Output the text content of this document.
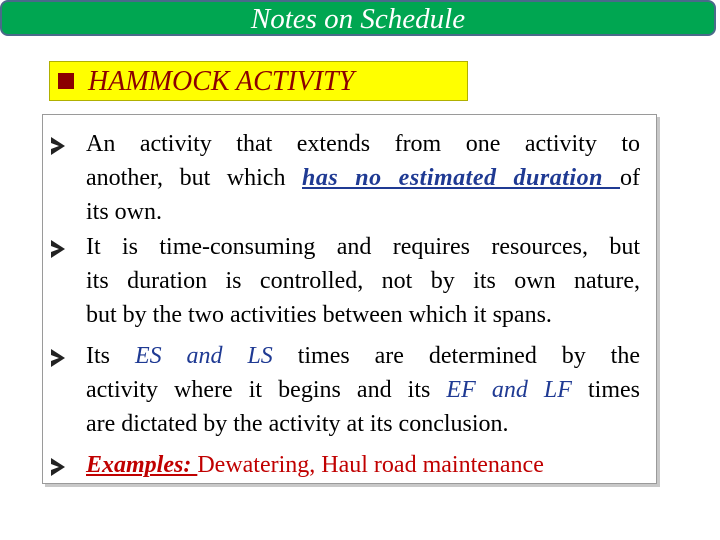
Notes on Schedule
HAMMOCK ACTIVITY
An activity that extends from one activity to
another, but which has no estimated duration of
its own.
It is time-consuming and requires resources, but
its duration is controlled, not by its own nature,
but by the two activities between which it spans.
Its ES and LS times are determined by the
activity where it begins and its EF and LF times
are dictated by the activity at its conclusion.
Examples: Dewatering, Haul road maintenance
